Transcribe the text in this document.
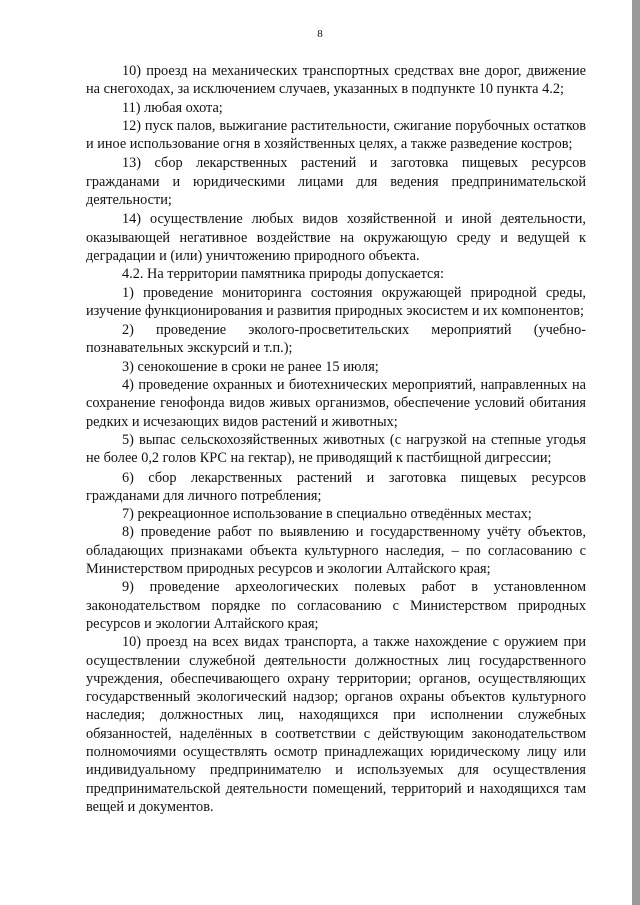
8

10) проезд на механических транспортных средствах вне дорог, движение на снегоходах, за исключением случаев, указанных в подпункте 10 пункта 4.2;

11) любая охота;

12) пуск палов, выжигание растительности, сжигание порубочных остатков и иное использование огня в хозяйственных целях, а также разведение костров;

13) сбор лекарственных растений и заготовка пищевых ресурсов гражданами и юридическими лицами для ведения предпринимательской деятельности;

14) осуществление любых видов хозяйственной и иной деятельности, оказывающей негативное воздействие на окружающую среду и ведущей к деградации и (или) уничтожению природного объекта.

4.2. На территории памятника природы допускается:

1) проведение мониторинга состояния окружающей природной среды, изучение функционирования и развития природных экосистем и их компонентов;

2) проведение эколого-просветительских мероприятий (учебно-познавательных экскурсий и т.п.);

3) сенокошение в сроки не ранее 15 июля;

4) проведение охранных и биотехнических мероприятий, направленных на сохранение генофонда видов живых организмов, обеспечение условий обитания редких и исчезающих видов растений и животных;

5) выпас сельскохозяйственных животных (с нагрузкой на степные угодья не более 0,2 голов КРС на гектар), не приводящий к пастбищной дигрессии;

6) сбор лекарственных растений и заготовка пищевых ресурсов гражданами для личного потребления;

7) рекреационное использование в специально отведённых местах;

8) проведение работ по выявлению и государственному учёту объектов, обладающих признаками объекта культурного наследия, – по согласованию с Министерством природных ресурсов и экологии Алтайского края;

9) проведение археологических полевых работ в установленном законодательством порядке по согласованию с Министерством природных ресурсов и экологии Алтайского края;

10) проезд на всех видах транспорта, а также нахождение с оружием при осуществлении служебной деятельности должностных лиц государственного учреждения, обеспечивающего охрану территории; органов, осуществляющих государственный экологический надзор; органов охраны объектов культурного наследия; должностных лиц, находящихся при исполнении служебных обязанностей, наделённых в соответствии с действующим законодательством полномочиями осуществлять осмотр принадлежащих юридическому лицу или индивидуальному предпринимателю и используемых для осуществления предпринимательской деятельности помещений, территорий и находящихся там вещей и документов.
